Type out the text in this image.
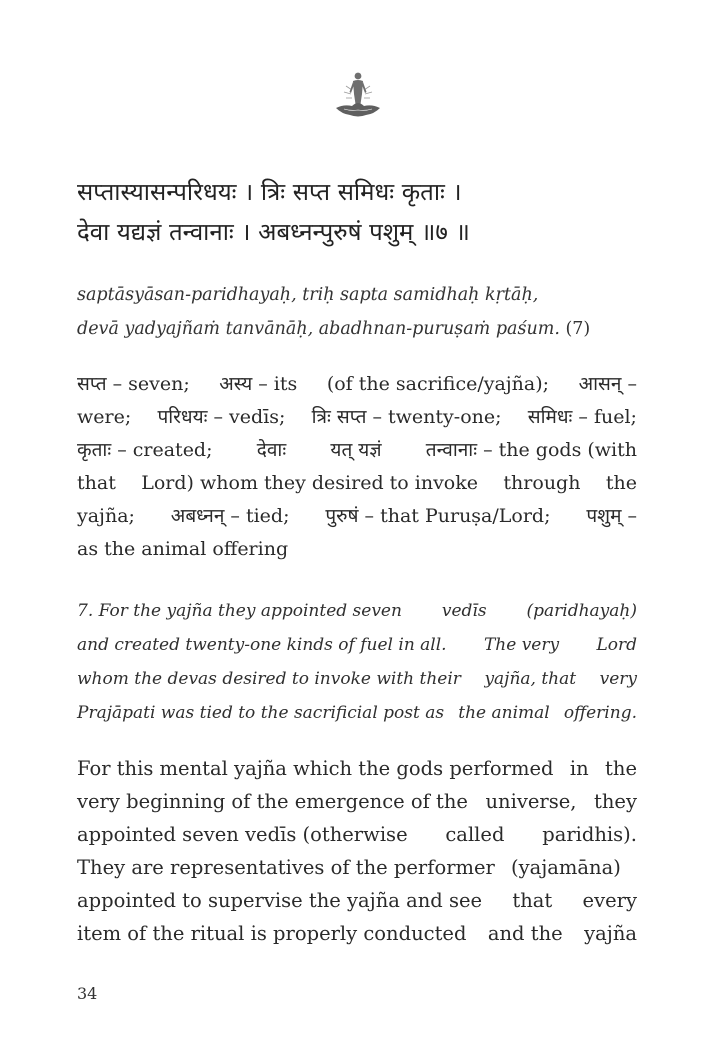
सप्तास्यासन्परिधयः । त्रिः सप्त समिधः कृताः ।
देवा यद्यज्ञं तन्वानाः । अबध्नन्पुरुषं पशुम् ॥७ ॥
saptāsyāsan-paridhayaḥ, triḥ sapta samidhaḥ kṛtāḥ,
devā yadyajñaṁ tanvānāḥ, abadhnan-puruṣaṁ paśum. (7)
सप्त – seven; अस्य – its (of the sacrifice/yajña); आसन् –
were; परिधयः – vedīs; त्रिः सप्त – twenty-one; समिधः – fuel;
कृताः – created; देवाः यत् यज्ञं तन्वानाः – the gods (with
that Lord) whom they desired to invoke through the
yajña; अबध्नन् – tied; पुरुषं – that Puruṣa/Lord; पशुम् –
as the animal offering
7. For the yajña they appointed seven vedīs (paridhayaḥ)
and created twenty-one kinds of fuel in all. The very Lord
whom the devas desired to invoke with their yajña, that very
Prajāpati was tied to the sacrificial post as the animal offering.
For this mental yajña which the gods performed in the
very beginning of the emergence of the universe, they
appointed seven vedīs (otherwise called paridhis).
They are representatives of the performer (yajamāna)
appointed to supervise the yajña and see that every
item of the ritual is properly conducted and the yajña
34
